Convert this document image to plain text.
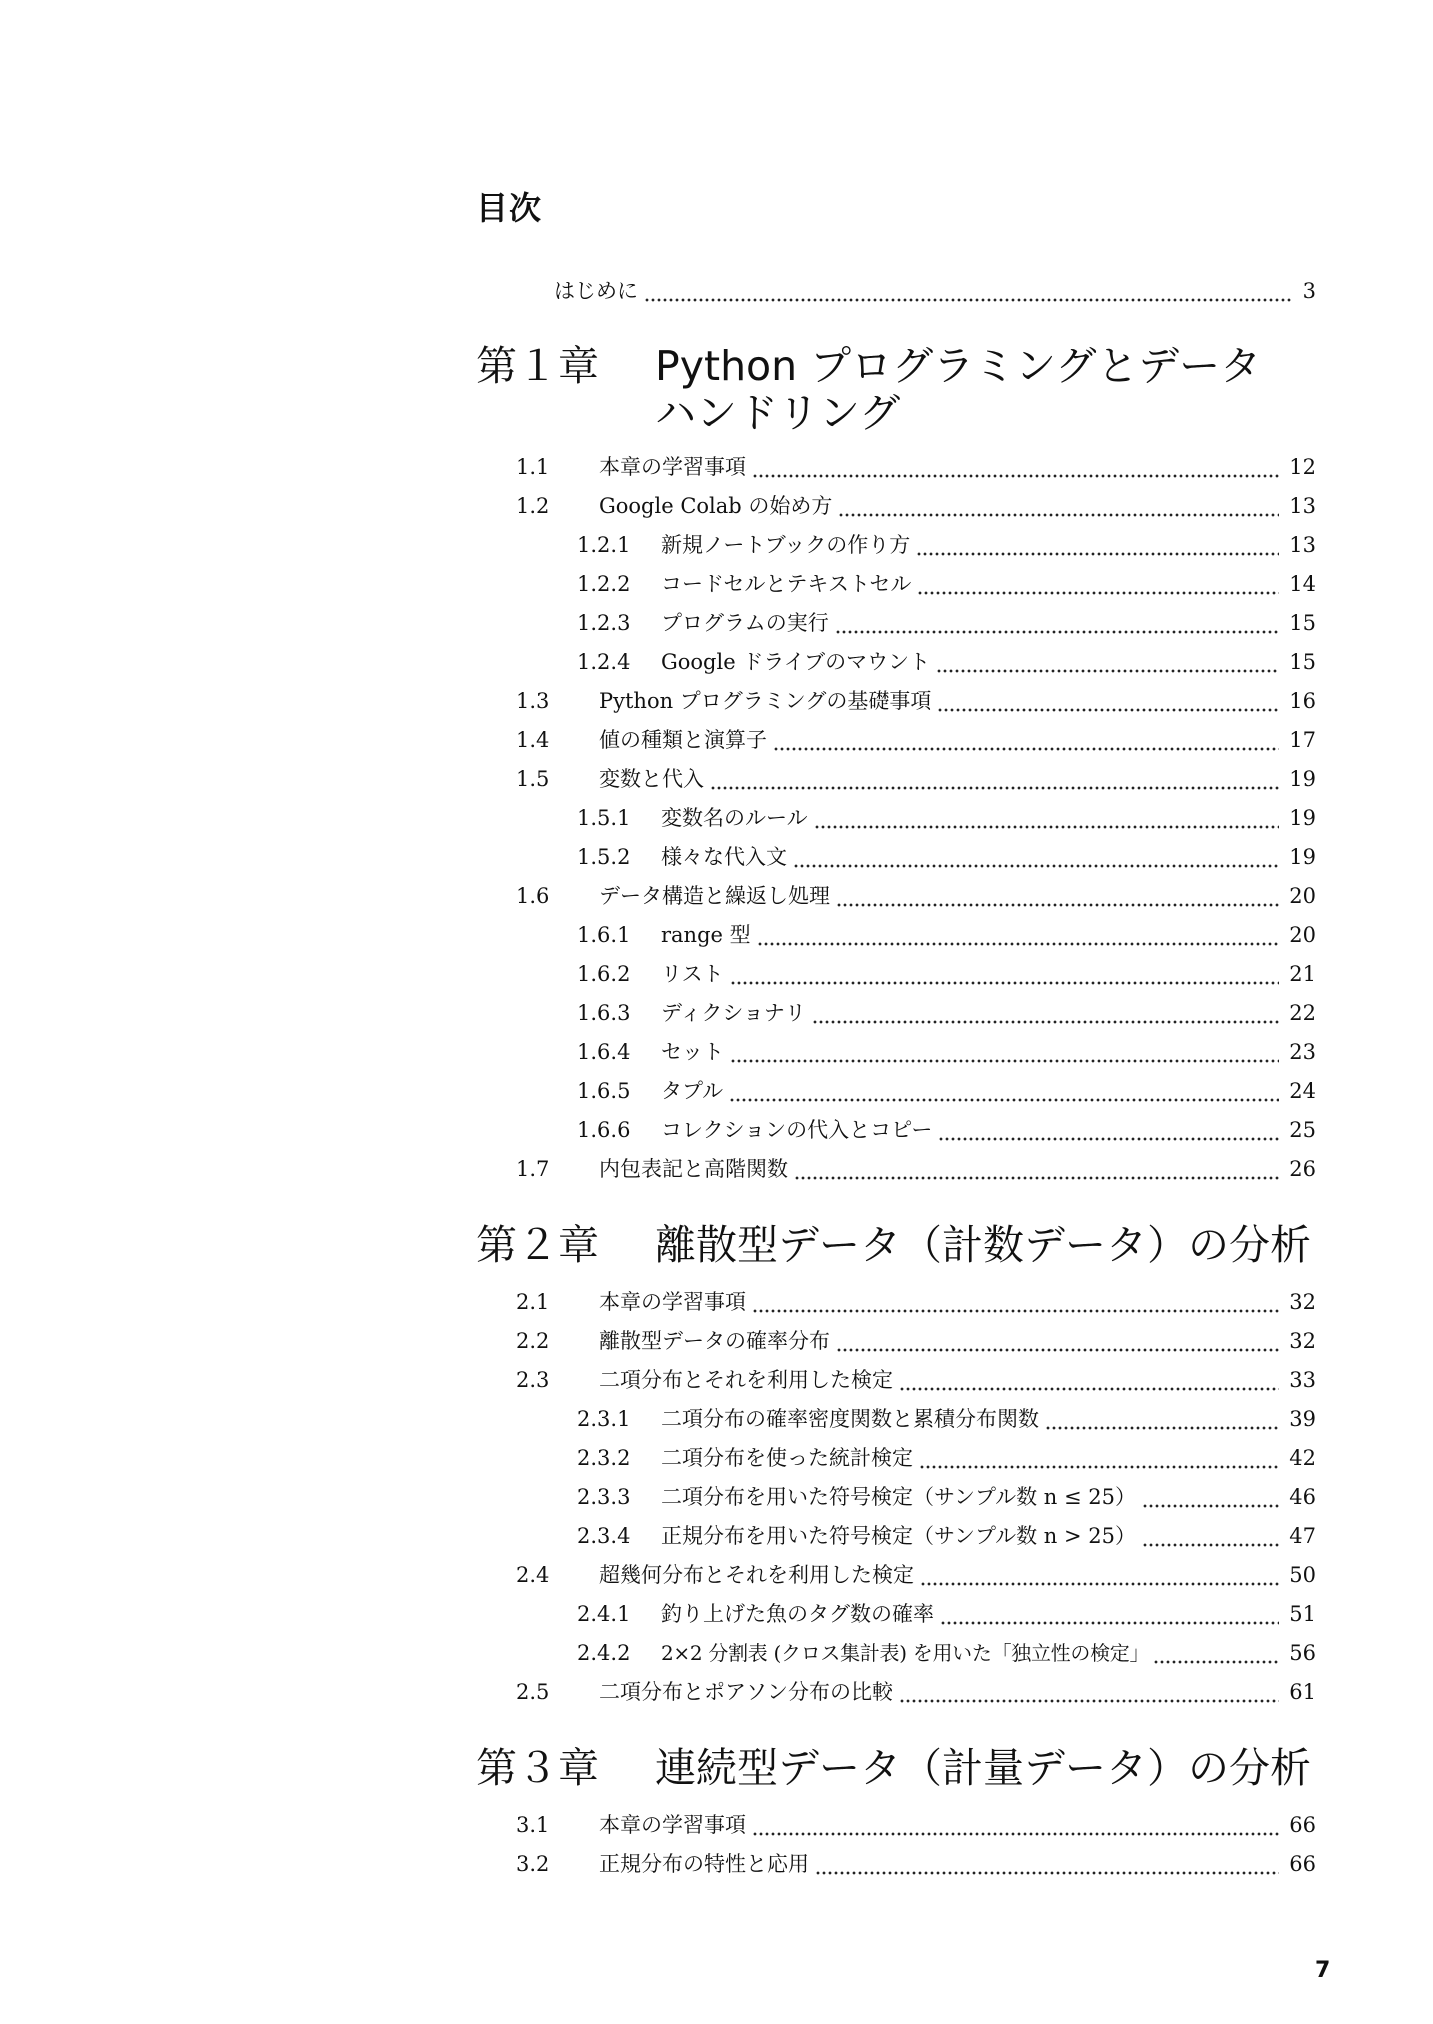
目次
はじめに	3
第１章 Python プログラミングとデータ
ハンドリング
1.1	本章の学習事項	12
1.2	Google Colab の始め方	13
1.2.1	新規ノートブックの作り方	13
1.2.2	コードセルとテキストセル	14
1.2.3	プログラムの実行	15
1.2.4	Google ドライブのマウント	15
1.3	Python プログラミングの基礎事項	16
1.4	値の種類と演算子	17
1.5	変数と代入	19
1.5.1	変数名のルール	19
1.5.2	様々な代入文	19
1.6	データ構造と繰返し処理	20
1.6.1	range 型	20
1.6.2	リスト	21
1.6.3	ディクショナリ	22
1.6.4	セット	23
1.6.5	タプル	24
1.6.6	コレクションの代入とコピー	25
1.7	内包表記と高階関数	26
第２章 離散型データ（計数データ）の分析
2.1	本章の学習事項	32
2.2	離散型データの確率分布	32
2.3	二項分布とそれを利用した検定	33
2.3.1	二項分布の確率密度関数と累積分布関数	39
2.3.2	二項分布を使った統計検定	42
2.3.3	二項分布を用いた符号検定（サンプル数 n ≤ 25）	46
2.3.4	正規分布を用いた符号検定（サンプル数 n > 25）	47
2.4	超幾何分布とそれを利用した検定	50
2.4.1	釣り上げた魚のタグ数の確率	51
2.4.2	2×2 分割表 (クロス集計表) を用いた「独立性の検定」	56
2.5	二項分布とポアソン分布の比較	61
第３章 連続型データ（計量データ）の分析
3.1	本章の学習事項	66
3.2	正規分布の特性と応用	66
7
